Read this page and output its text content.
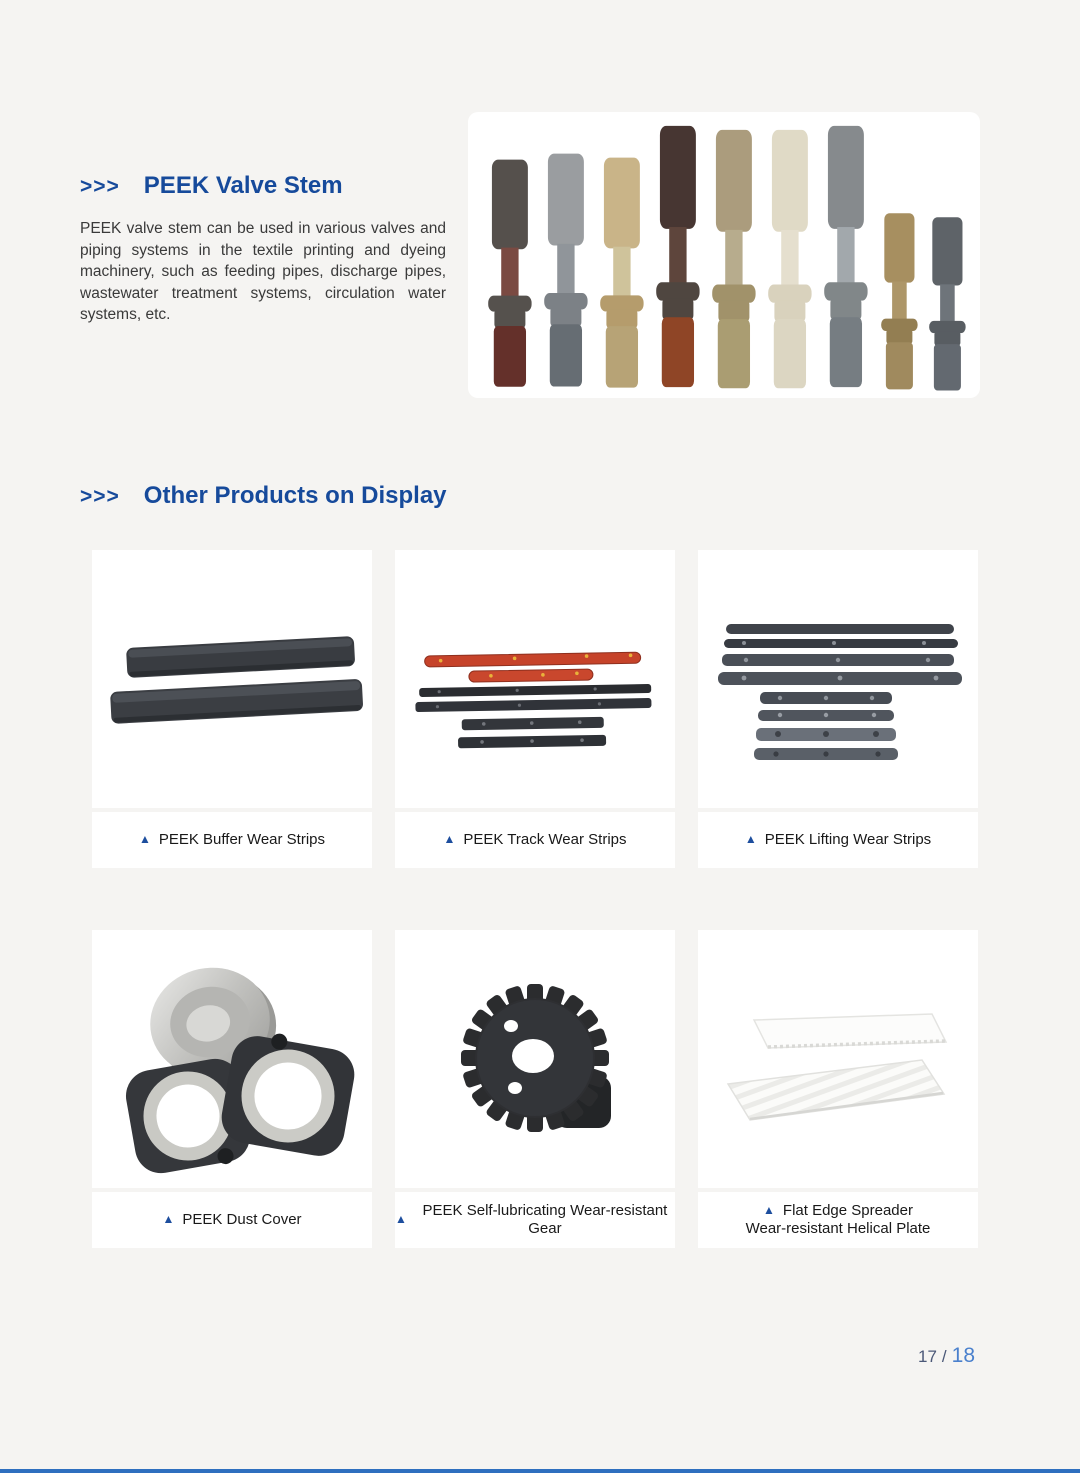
>>> PEEK Valve Stem

PEEK valve stem can be used in various valves and piping systems in the textile printing and dyeing machinery, such as feeding pipes, discharge pipes, wastewater treatment systems, circulation water systems, etc.

>>> Other Products on Display
▲ PEEK Buffer Wear Strips	▲ PEEK Track Wear Strips	▲ PEEK Lifting Wear Strips
▲ PEEK Dust Cover	▲	PEEK Self-lubricating Wear-resistant Gear
▲ Flat Edge Spreader
Wear-resistant Helical Plate
17 / 18
